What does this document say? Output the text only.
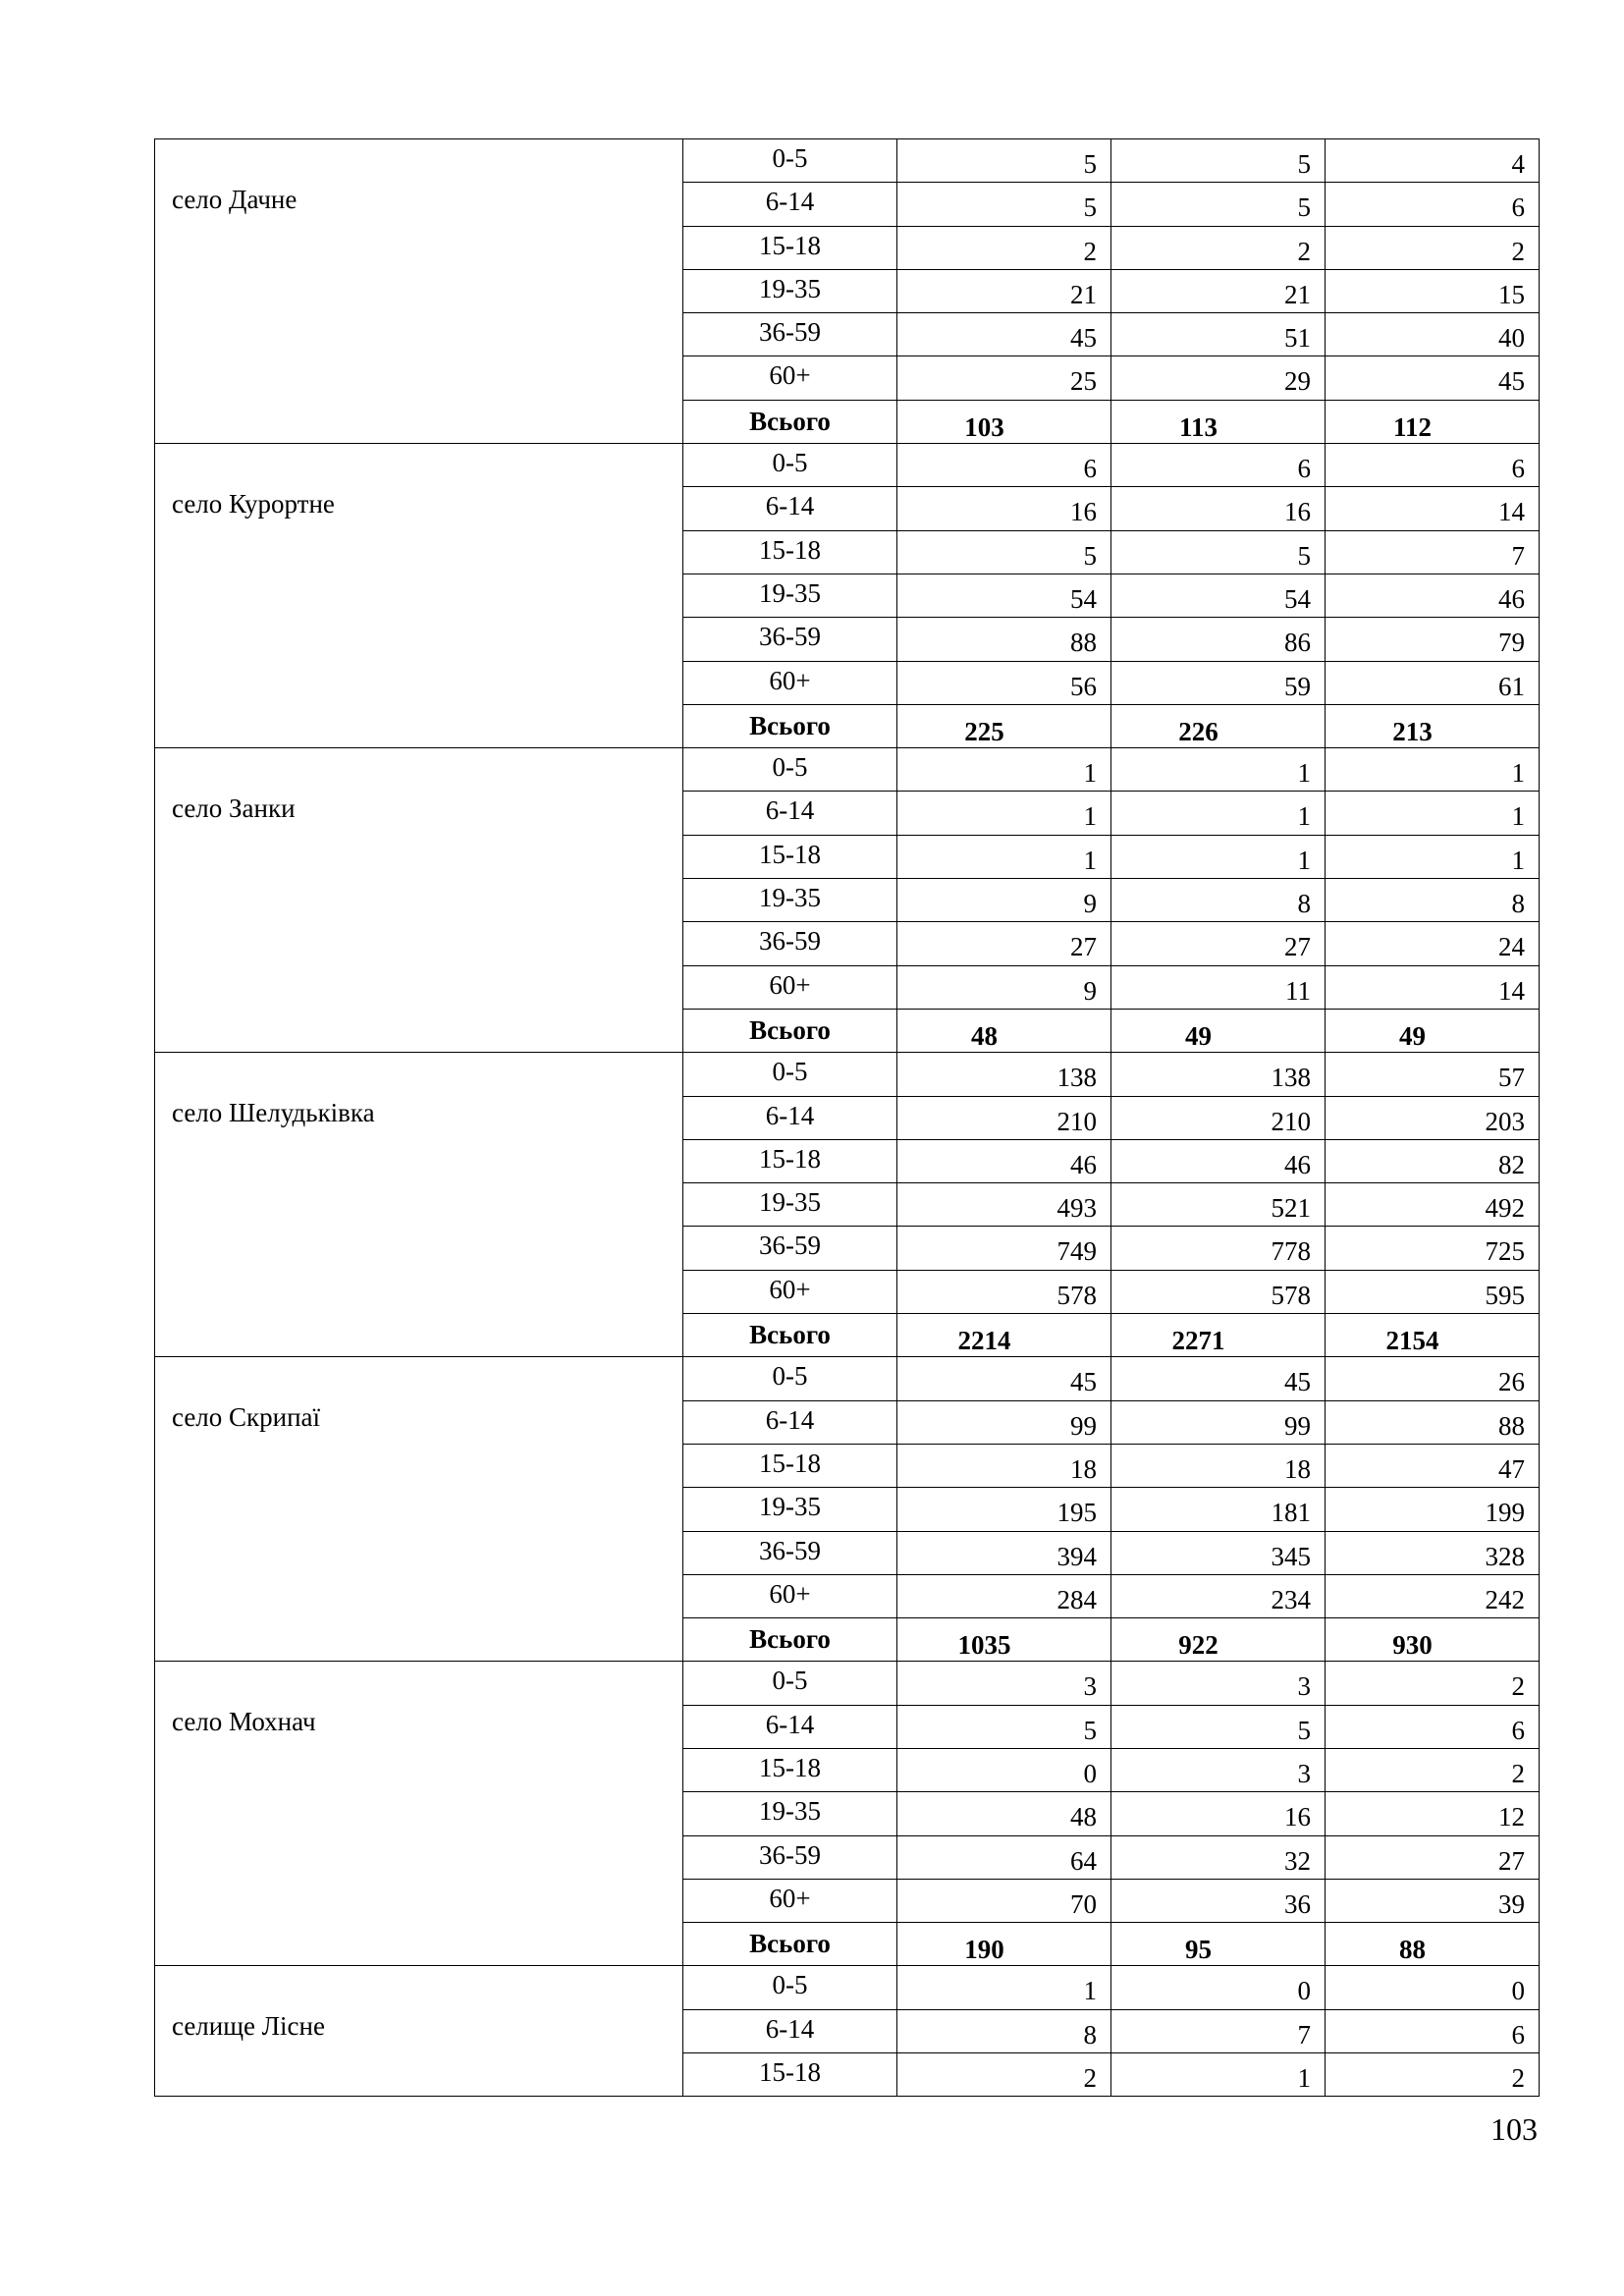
село Дачне	0-5	5	5	4
	6-14	5	5	6
	15-18	2	2	2
	19-35	21	21	15
	36-59	45	51	40
	60+	25	29	45
	Всього	103	113	112
село Курортне	0-5	6	6	6
	6-14	16	16	14
	15-18	5	5	7
	19-35	54	54	46
	36-59	88	86	79
	60+	56	59	61
	Всього	225	226	213
село Занки	0-5	1	1	1
	6-14	1	1	1
	15-18	1	1	1
	19-35	9	8	8
	36-59	27	27	24
	60+	9	11	14
	Всього	48	49	49
село Шелудьківка	0-5	138	138	57
	6-14	210	210	203
	15-18	46	46	82
	19-35	493	521	492
	36-59	749	778	725
	60+	578	578	595
	Всього	2214	2271	2154
село Скрипаї	0-5	45	45	26
	6-14	99	99	88
	15-18	18	18	47
	19-35	195	181	199
	36-59	394	345	328
	60+	284	234	242
	Всього	1035	922	930
село Мохнач	0-5	3	3	2
	6-14	5	5	6
	15-18	0	3	2
	19-35	48	16	12
	36-59	64	32	27
	60+	70	36	39
	Всього	190	95	88
селище Лісне	0-5	1	0	0
	6-14	8	7	6
	15-18	2	1	2
103
